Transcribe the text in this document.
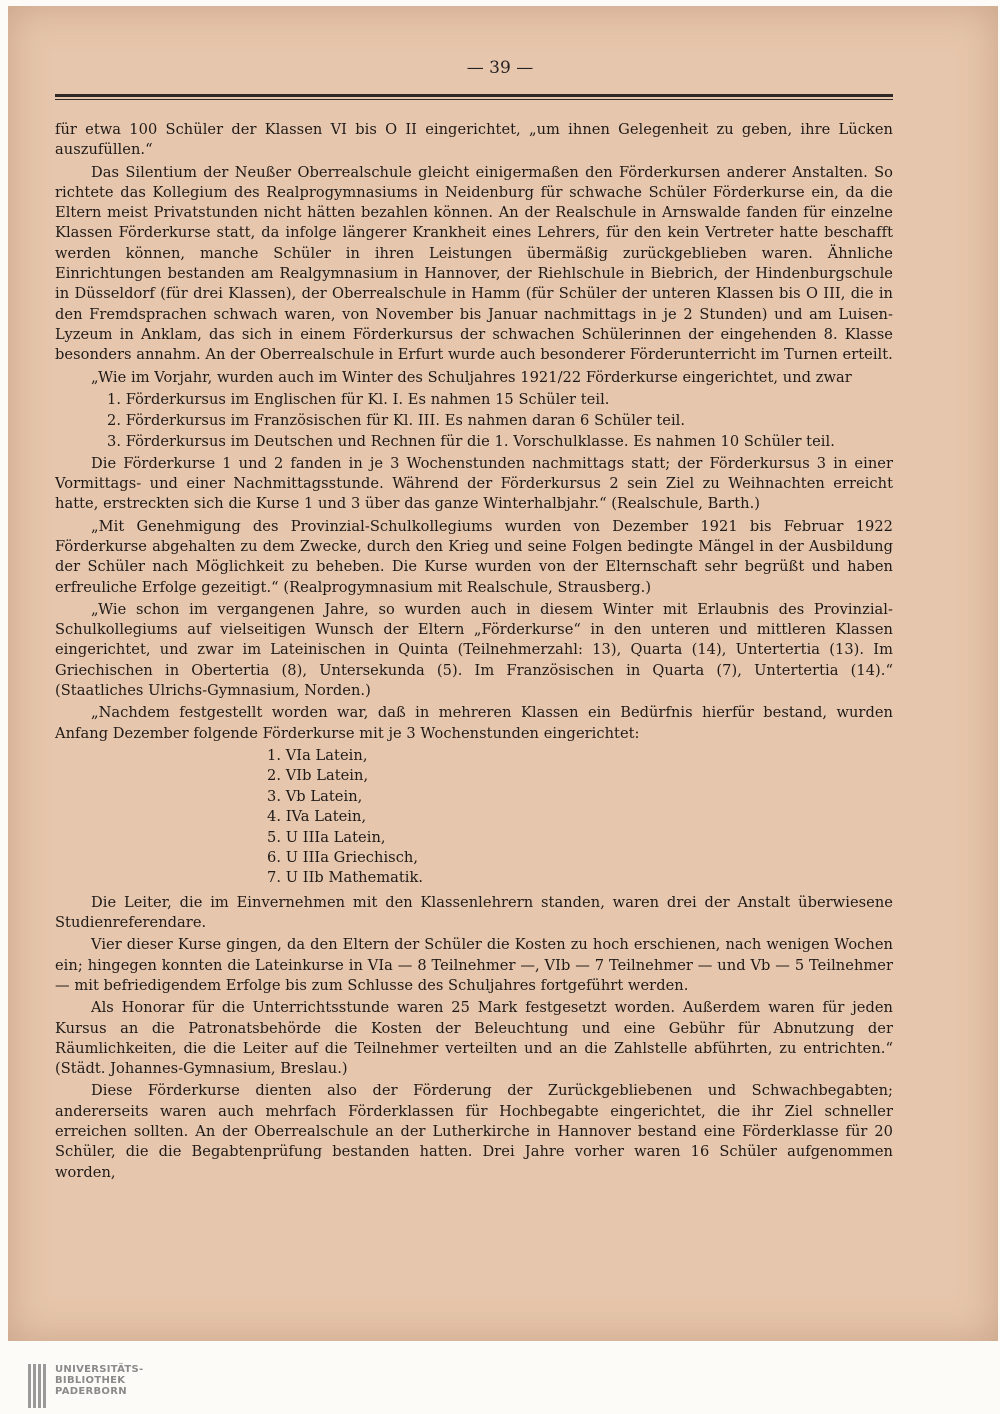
— 39 —

für etwa 100 Schüler der Klassen VI bis O II eingerichtet, „um ihnen Gelegenheit zu geben, ihre Lücken auszufüllen.“

Das Silentium der Neußer Oberrealschule gleicht einigermaßen den Förderkursen anderer Anstalten. So richtete das Kollegium des Realprogymnasiums in Neidenburg für schwache Schüler Förderkurse ein, da die Eltern meist Privatstunden nicht hätten bezahlen können. An der Realschule in Arnswalde fanden für einzelne Klassen Förderkurse statt, da infolge längerer Krankheit eines Lehrers, für den kein Vertreter hatte beschafft werden können, manche Schüler in ihren Leistungen übermäßig zurückgeblieben waren. Ähnliche Einrichtungen bestanden am Realgymnasium in Hannover, der Riehlschule in Biebrich, der Hindenburgschule in Düsseldorf (für drei Klassen), der Oberrealschule in Hamm (für Schüler der unteren Klassen bis O III, die in den Fremdsprachen schwach waren, von November bis Januar nachmittags in je 2 Stunden) und am Luisen-Lyzeum in Anklam, das sich in einem Förderkursus der schwachen Schülerinnen der eingehenden 8. Klasse besonders annahm. An der Oberrealschule in Erfurt wurde auch besonderer Förderunterricht im Turnen erteilt.

„Wie im Vorjahr, wurden auch im Winter des Schuljahres 1921/22 Förderkurse eingerichtet, und zwar

1. Förderkursus im Englischen für Kl. I. Es nahmen 15 Schüler teil.
2. Förderkursus im Französischen für Kl. III. Es nahmen daran 6 Schüler teil.
3. Förderkursus im Deutschen und Rechnen für die 1. Vorschulklasse. Es nahmen 10 Schüler teil.

Die Förderkurse 1 und 2 fanden in je 3 Wochenstunden nachmittags statt; der Förderkursus 3 in einer Vormittags- und einer Nachmittagsstunde. Während der Förderkursus 2 sein Ziel zu Weihnachten erreicht hatte, erstreckten sich die Kurse 1 und 3 über das ganze Winterhalbjahr.“ (Realschule, Barth.)

„Mit Genehmigung des Provinzial-Schulkollegiums wurden von Dezember 1921 bis Februar 1922 Förderkurse abgehalten zu dem Zwecke, durch den Krieg und seine Folgen bedingte Mängel in der Ausbildung der Schüler nach Möglichkeit zu beheben. Die Kurse wurden von der Elternschaft sehr begrüßt und haben erfreuliche Erfolge gezeitigt.“ (Realprogymnasium mit Realschule, Strausberg.)

„Wie schon im vergangenen Jahre, so wurden auch in diesem Winter mit Erlaubnis des Provinzial-Schulkollegiums auf vielseitigen Wunsch der Eltern „Förderkurse“ in den unteren und mittleren Klassen eingerichtet, und zwar im Lateinischen in Quinta (Teilnehmerzahl: 13), Quarta (14), Untertertia (13). Im Griechischen in Obertertia (8), Untersekunda (5). Im Französischen in Quarta (7), Untertertia (14).“ (Staatliches Ulrichs-Gymnasium, Norden.)

„Nachdem festgestellt worden war, daß in mehreren Klassen ein Bedürfnis hierfür bestand, wurden Anfang Dezember folgende Förderkurse mit je 3 Wochenstunden eingerichtet:

1. VIa Latein,
2. VIb Latein,
3. Vb Latein,
4. IVa Latein,
5. U IIIa Latein,
6. U IIIa Griechisch,
7. U IIb Mathematik.

Die Leiter, die im Einvernehmen mit den Klassenlehrern standen, waren drei der Anstalt überwiesene Studienreferendare.

Vier dieser Kurse gingen, da den Eltern der Schüler die Kosten zu hoch erschienen, nach wenigen Wochen ein; hingegen konnten die Lateinkurse in VIa — 8 Teilnehmer —, VIb — 7 Teilnehmer — und Vb — 5 Teilnehmer — mit befriedigendem Erfolge bis zum Schlusse des Schuljahres fortgeführt werden.

Als Honorar für die Unterrichtsstunde waren 25 Mark festgesetzt worden. Außerdem waren für jeden Kursus an die Patronatsbehörde die Kosten der Beleuchtung und eine Gebühr für Abnutzung der Räumlichkeiten, die die Leiter auf die Teilnehmer verteilten und an die Zahlstelle abführten, zu entrichten.“ (Städt. Johannes-Gymnasium, Breslau.)

Diese Förderkurse dienten also der Förderung der Zurückgebliebenen und Schwachbegabten; andererseits waren auch mehrfach Förderklassen für Hochbegabte eingerichtet, die ihr Ziel schneller erreichen sollten. An der Oberrealschule an der Lutherkirche in Hannover bestand eine Förderklasse für 20 Schüler, die die Begabtenprüfung bestanden hatten. Drei Jahre vorher waren 16 Schüler aufgenommen worden,

UNIVERSITÄTS-
BIBLIOTHEK
PADERBORN
